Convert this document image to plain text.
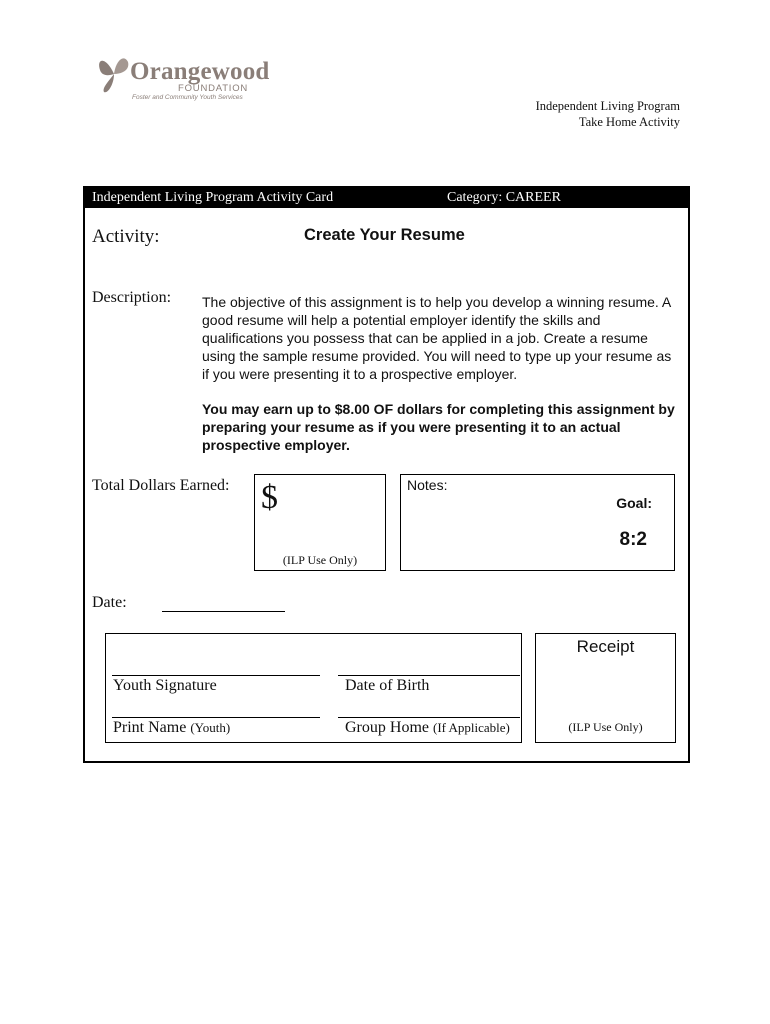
Orangewood
FOUNDATION
Foster and Community Youth Services
Independent Living Program
Take Home Activity
Independent Living Program Activity Card	Category: CAREER
Activity:	Create Your Resume
Description: The objective of this assignment is to help you develop a winning resume. A good resume will help a potential employer identify the skills and qualifications you possess that can be applied in a job. Create a resume using the sample resume provided. You will need to type up your resume as if you were presenting it to a prospective employer.
You may earn up to $8.00 OF dollars for completing this assignment by preparing your resume as if you were presenting it to an actual prospective employer.
Total Dollars Earned: $
(ILP Use Only)
Notes:
Goal:
8:2
Date:
Youth Signature	Date of Birth
Print Name (Youth)	Group Home (If Applicable)
Receipt
(ILP Use Only)
